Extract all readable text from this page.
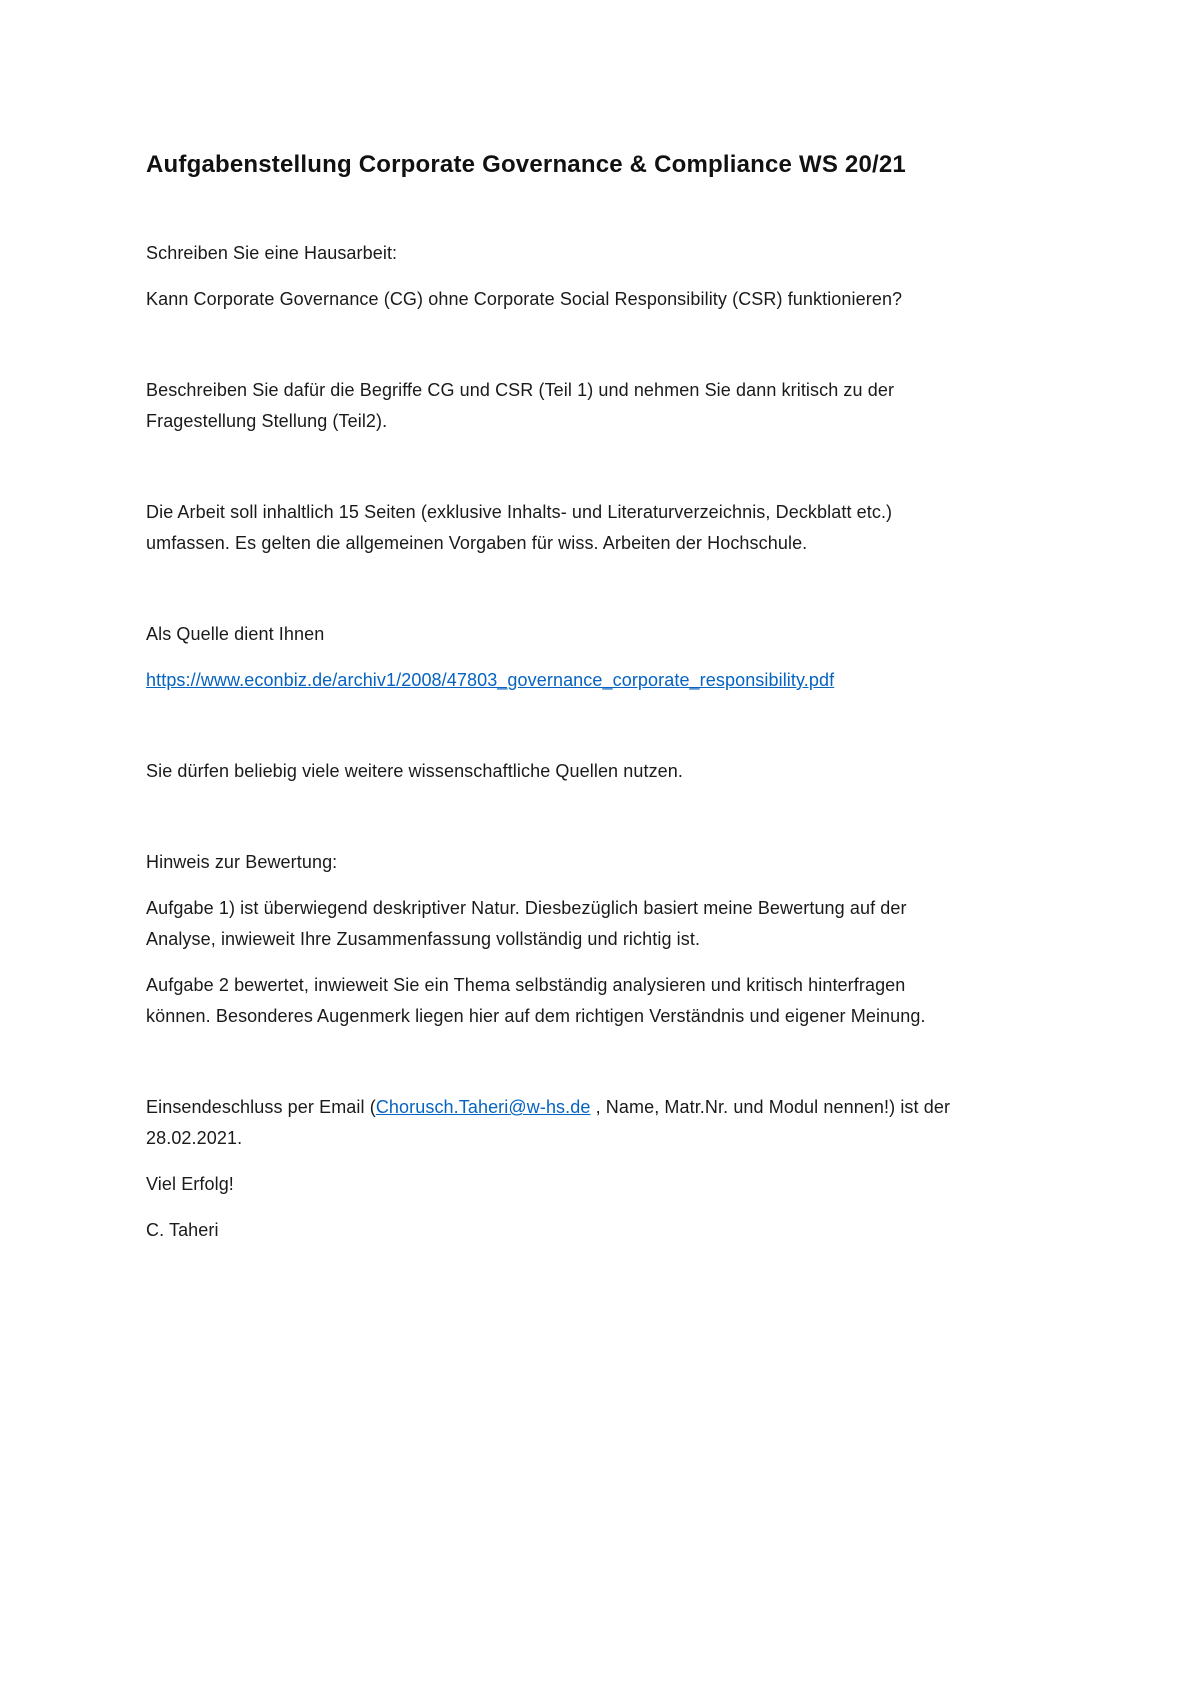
Aufgabenstellung Corporate Governance & Compliance WS 20/21

Schreiben Sie eine Hausarbeit:

Kann Corporate Governance (CG) ohne Corporate Social Responsibility (CSR) funktionieren?

Beschreiben Sie dafür die Begriffe CG und CSR (Teil 1) und nehmen Sie dann kritisch zu der
Fragestellung Stellung (Teil2).

Die Arbeit soll inhaltlich 15 Seiten (exklusive Inhalts- und Literaturverzeichnis, Deckblatt etc.)
umfassen. Es gelten die allgemeinen Vorgaben für wiss. Arbeiten der Hochschule.

Als Quelle dient Ihnen

https://www.econbiz.de/archiv1/2008/47803_governance_corporate_responsibility.pdf

Sie dürfen beliebig viele weitere wissenschaftliche Quellen nutzen.

Hinweis zur Bewertung:

Aufgabe 1) ist überwiegend deskriptiver Natur. Diesbezüglich basiert meine Bewertung auf der
Analyse, inwieweit Ihre Zusammenfassung vollständig und richtig ist.

Aufgabe 2 bewertet, inwieweit Sie ein Thema selbständig analysieren und kritisch hinterfragen
können. Besonderes Augenmerk liegen hier auf dem richtigen Verständnis und eigener Meinung.

Einsendeschluss per Email (Chorusch.Taheri@w-hs.de , Name, Matr.Nr. und Modul nennen!) ist der
28.02.2021.

Viel Erfolg!

C. Taheri
